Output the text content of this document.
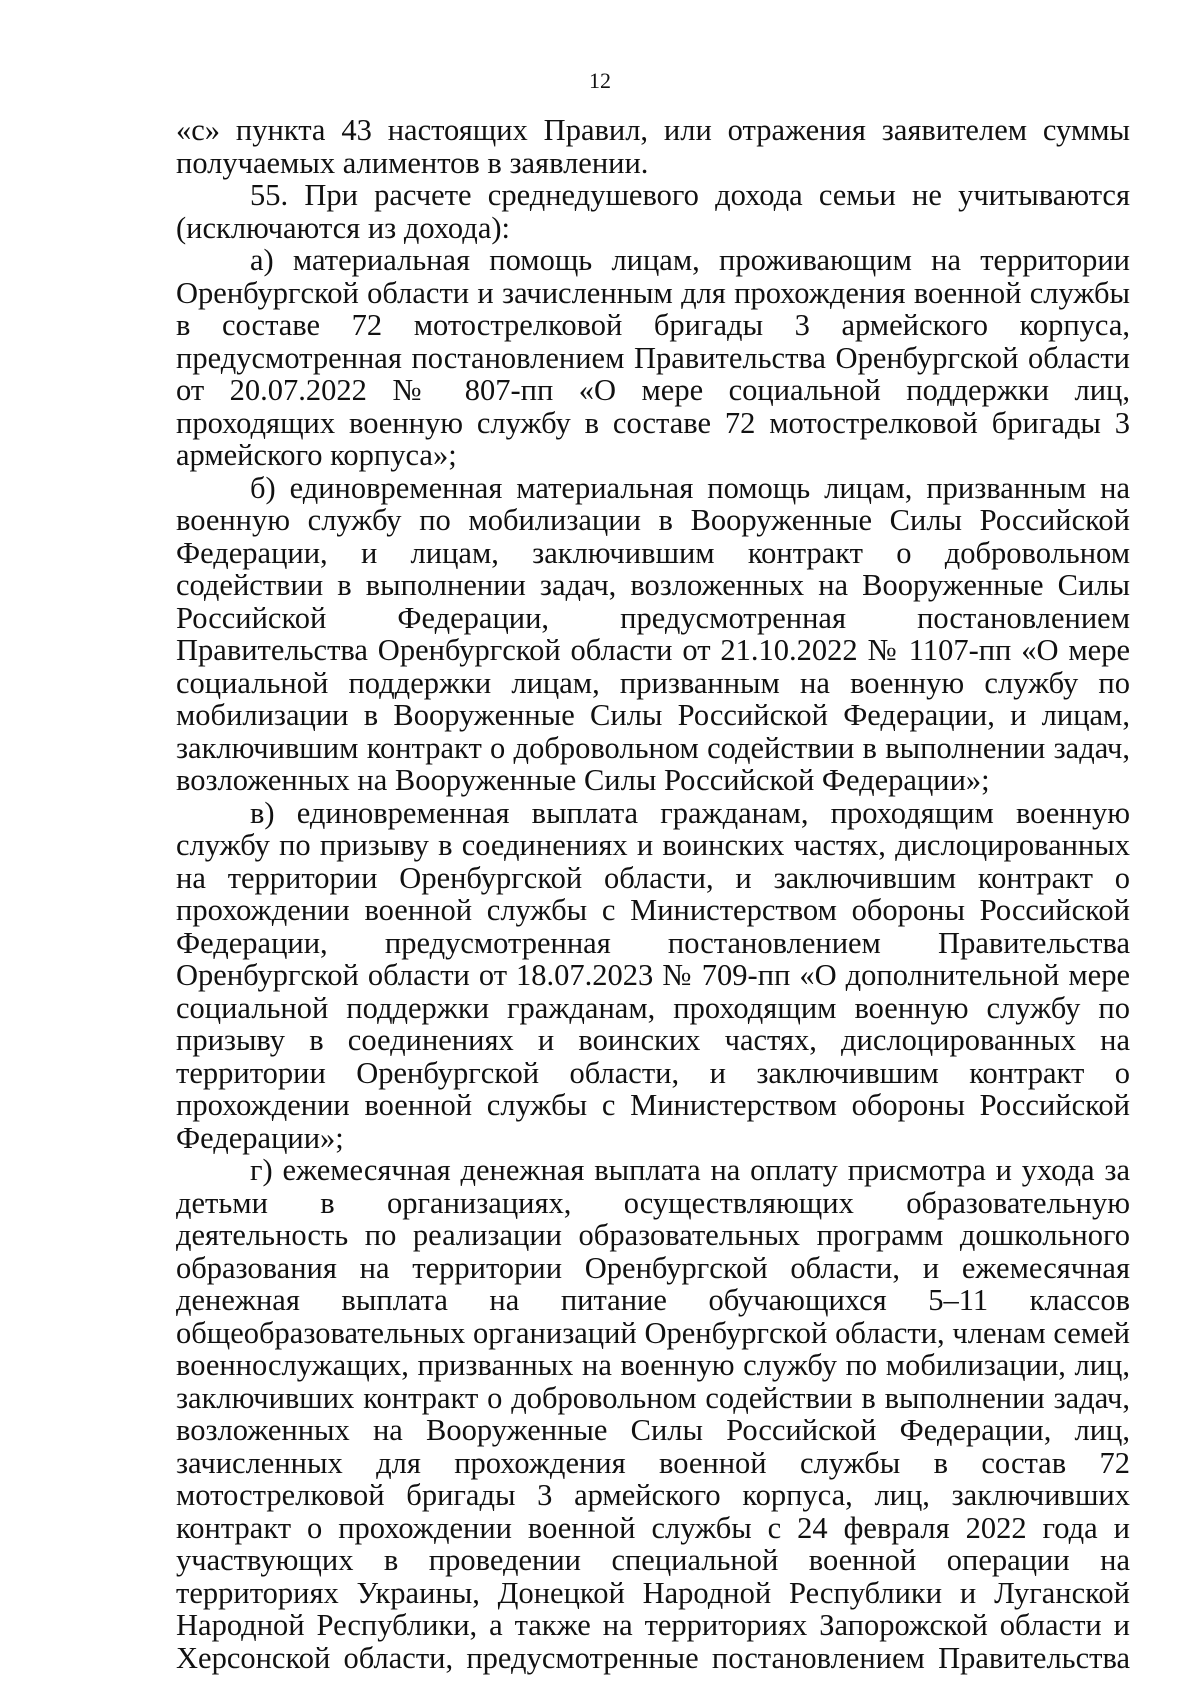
12

«с» пункта 43 настоящих Правил, или отражения заявителем суммы получаемых алиментов в заявлении.

55. При расчете среднедушевого дохода семьи не учитываются (исключаются из дохода):

а) материальная помощь лицам, проживающим на территории Оренбургской области и зачисленным для прохождения военной службы в составе 72 мотострелковой бригады 3 армейского корпуса, предусмотренная постановлением Правительства Оренбургской области от 20.07.2022 № 807-пп «О мере социальной поддержки лиц, проходящих военную службу в составе 72 мотострелковой бригады 3 армейского корпуса»;

б) единовременная материальная помощь лицам, призванным на военную службу по мобилизации в Вооруженные Силы Российской Федерации, и лицам, заключившим контракт о добровольном содействии в выполнении задач, возложенных на Вооруженные Силы Российской Федерации, предусмотренная постановлением Правительства Оренбургской области от 21.10.2022 № 1107-пп «О мере социальной поддержки лицам, призванным на военную службу по мобилизации в Вооруженные Силы Российской Федерации, и лицам, заключившим контракт о добровольном содействии в выполнении задач, возложенных на Вооруженные Силы Российской Федерации»;

в) единовременная выплата гражданам, проходящим военную службу по призыву в соединениях и воинских частях, дислоцированных на территории Оренбургской области, и заключившим контракт о прохождении военной службы с Министерством обороны Российской Федерации, предусмотренная постановлением Правительства Оренбургской области от 18.07.2023 № 709-пп «О дополнительной мере социальной поддержки гражданам, проходящим военную службу по призыву в соединениях и воинских частях, дислоцированных на территории Оренбургской области, и заключившим контракт о прохождении военной службы с Министерством обороны Российской Федерации»;

г) ежемесячная денежная выплата на оплату присмотра и ухода за детьми в организациях, осуществляющих образовательную деятельность по реализации образовательных программ дошкольного образования на территории Оренбургской области, и ежемесячная денежная выплата на питание обучающихся 5–11 классов общеобразовательных организаций Оренбургской области, членам семей военнослужащих, призванных на военную службу по мобилизации, лиц, заключивших контракт о добровольном содействии в выполнении задач, возложенных на Вооруженные Силы Российской Федерации, лиц, зачисленных для прохождения военной службы в состав 72 мотострелковой бригады 3 армейского корпуса, лиц, заключивших контракт о прохождении военной службы с 24 февраля 2022 года и участвующих в проведении специальной военной операции на территориях Украины, Донецкой Народной Республики и Луганской Народной Республики, а также на территориях Запорожской области и Херсонской области, предусмотренные постановлением Правительства
